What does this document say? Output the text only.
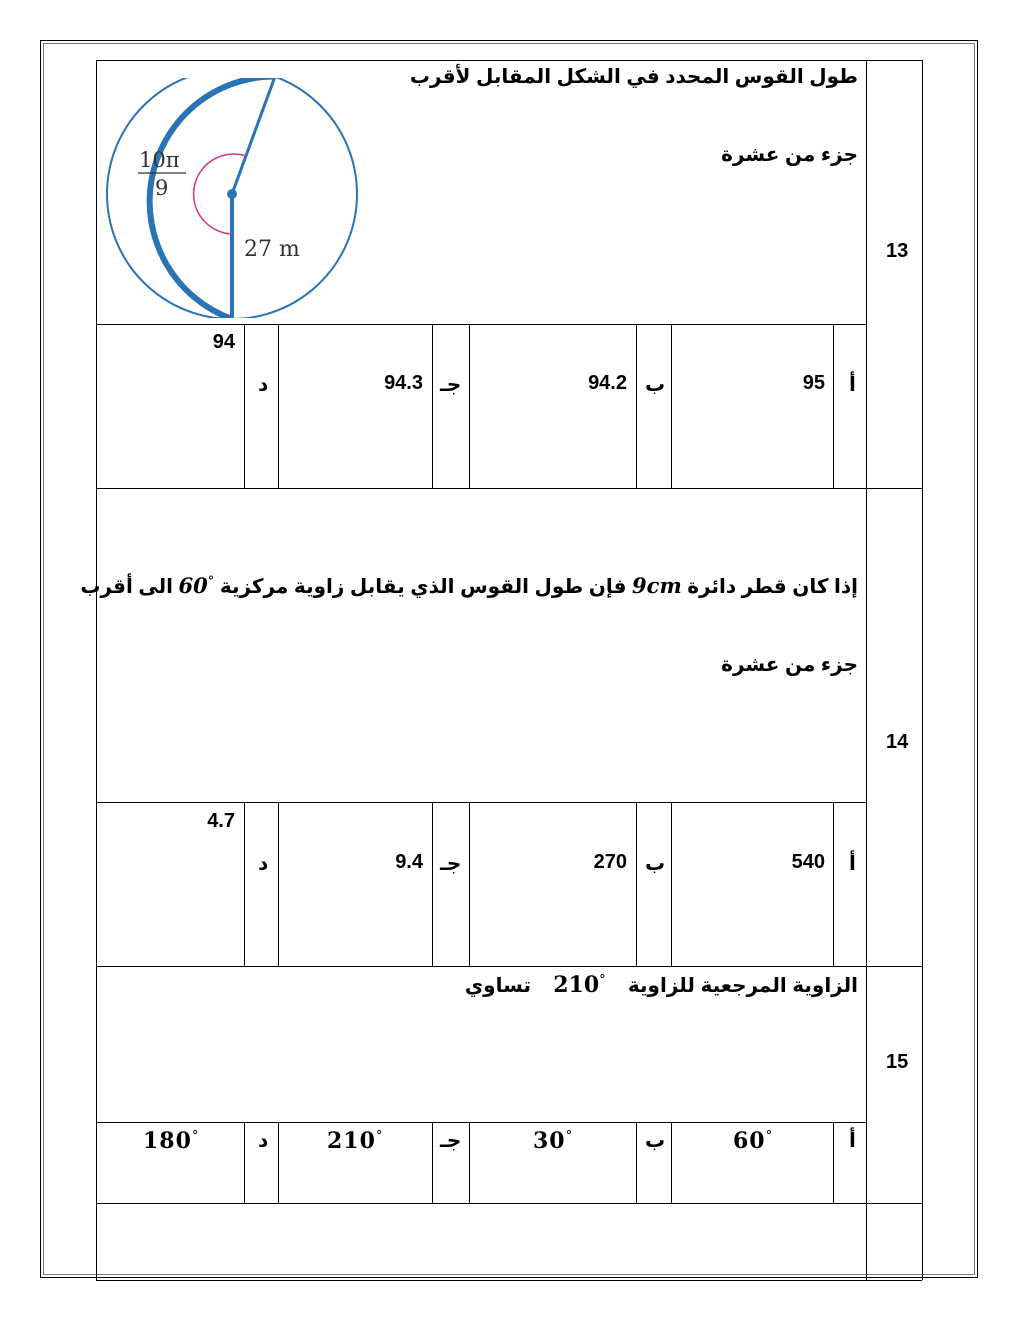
13
طول القوس المحدد في الشكل المقابل لأقرب
جزء من عشرة
10π
9
27 m
أ
95
ب
94.2
جـ
94.3
د
94
14
إذا كان قطر دائرة 9cm فإن طول القوس الذي يقابل زاوية مركزية 60° الى أقرب
جزء من عشرة
أ
540
ب
270
جـ
9.4
د
4.7
15
الزاوية المرجعية للزاوية    210°    تساوي
أ
60°
ب
30°
جـ
210°
د
180°
